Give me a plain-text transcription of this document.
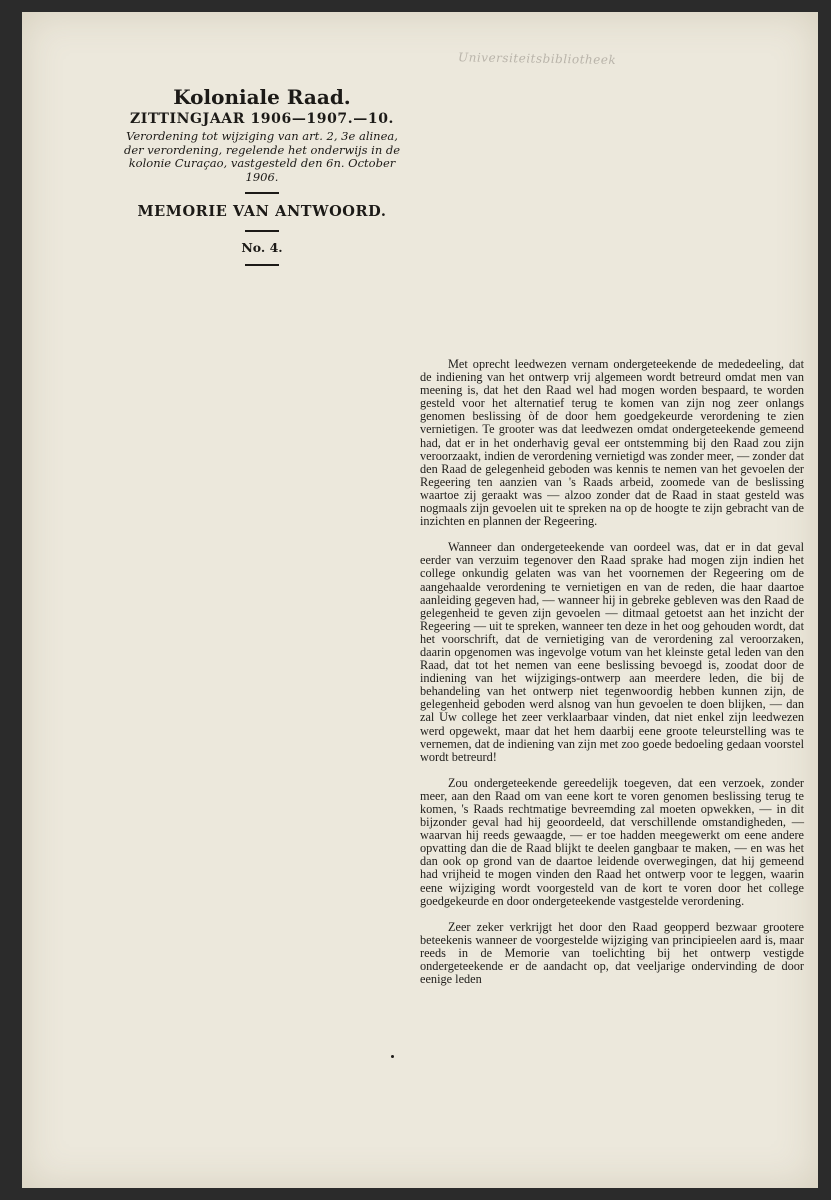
Universiteitsbibliotheek
Koloniale Raad.
ZITTINGJAAR 1906—1907.—10.
Verordening tot wijziging van art. 2, 3e alinea, der verordening, regelende het onderwijs in de kolonie Curaçao, vastgesteld den 6n. October 1906.
MEMORIE VAN ANTWOORD.
No. 4.

Met oprecht leedwezen vernam ondergeteekende de mededeeling, dat de indiening van het ontwerp vrij algemeen wordt betreurd omdat men van meening is, dat het den Raad wel had mogen worden bespaard, te worden gesteld voor het alternatief terug te komen van zijn nog zeer onlangs genomen beslissing òf de door hem goedgekeurde verordening te zien vernietigen. Te grooter was dat leedwezen omdat ondergeteekende gemeend had, dat er in het onderhavig geval eer ontstemming bij den Raad zou zijn veroorzaakt, indien de verordening vernietigd was zonder meer, — zonder dat den Raad de gelegenheid geboden was kennis te nemen van het gevoelen der Regeering ten aanzien van 's Raads arbeid, zoomede van de beslissing waartoe zij geraakt was — alzoo zonder dat de Raad in staat gesteld was nogmaals zijn gevoelen uit te spreken na op de hoogte te zijn gebracht van de inzichten en plannen der Regeering.

Wanneer dan ondergeteekende van oordeel was, dat er in dat geval eerder van verzuim tegenover den Raad sprake had mogen zijn indien het college onkundig gelaten was van het voornemen der Regeering om de aangehaalde verordening te vernietigen en van de reden, die haar daartoe aanleiding gegeven had, — wanneer hij in gebreke gebleven was den Raad de gelegenheid te geven zijn gevoelen — ditmaal getoetst aan het inzicht der Regeering — uit te spreken, wanneer ten deze in het oog gehouden wordt, dat het voorschrift, dat de vernietiging van de verordening zal veroorzaken, daarin opgenomen was ingevolge votum van het kleinste getal leden van den Raad, dat tot het nemen van eene beslissing bevoegd is, zoodat door de indiening van het wijzigings-ontwerp aan meerdere leden, die bij de behandeling van het ontwerp niet tegenwoordig hebben kunnen zijn, de gelegenheid geboden werd alsnog van hun gevoelen te doen blijken, — dan zal Uw college het zeer verklaarbaar vinden, dat niet enkel zijn leedwezen werd opgewekt, maar dat het hem daarbij eene groote teleurstelling was te vernemen, dat de indiening van zijn met zoo goede bedoeling gedaan voorstel wordt betreurd!

Zou ondergeteekende gereedelijk toegeven, dat een verzoek, zonder meer, aan den Raad om van eene kort te voren genomen beslissing terug te komen, 's Raads rechtmatige bevreemding zal moeten opwekken, — in dit bijzonder geval had hij geoordeeld, dat verschillende omstandigheden, — waarvan hij reeds gewaagde, — er toe hadden meegewerkt om eene andere opvatting dan die de Raad blijkt te deelen gangbaar te maken, — en was het dan ook op grond van de daartoe leidende overwegingen, dat hij gemeend had vrijheid te mogen vinden den Raad het ontwerp voor te leggen, waarin eene wijziging wordt voorgesteld van de kort te voren door het college goedgekeurde en door ondergeteekende vastgestelde verordening.

Zeer zeker verkrijgt het door den Raad geopperd bezwaar grootere beteekenis wanneer de voorgestelde wijziging van principieelen aard is, maar reeds in de Memorie van toelichting bij het ontwerp vestigde ondergeteekende er de aandacht op, dat veeljarige ondervinding de door eenige leden
